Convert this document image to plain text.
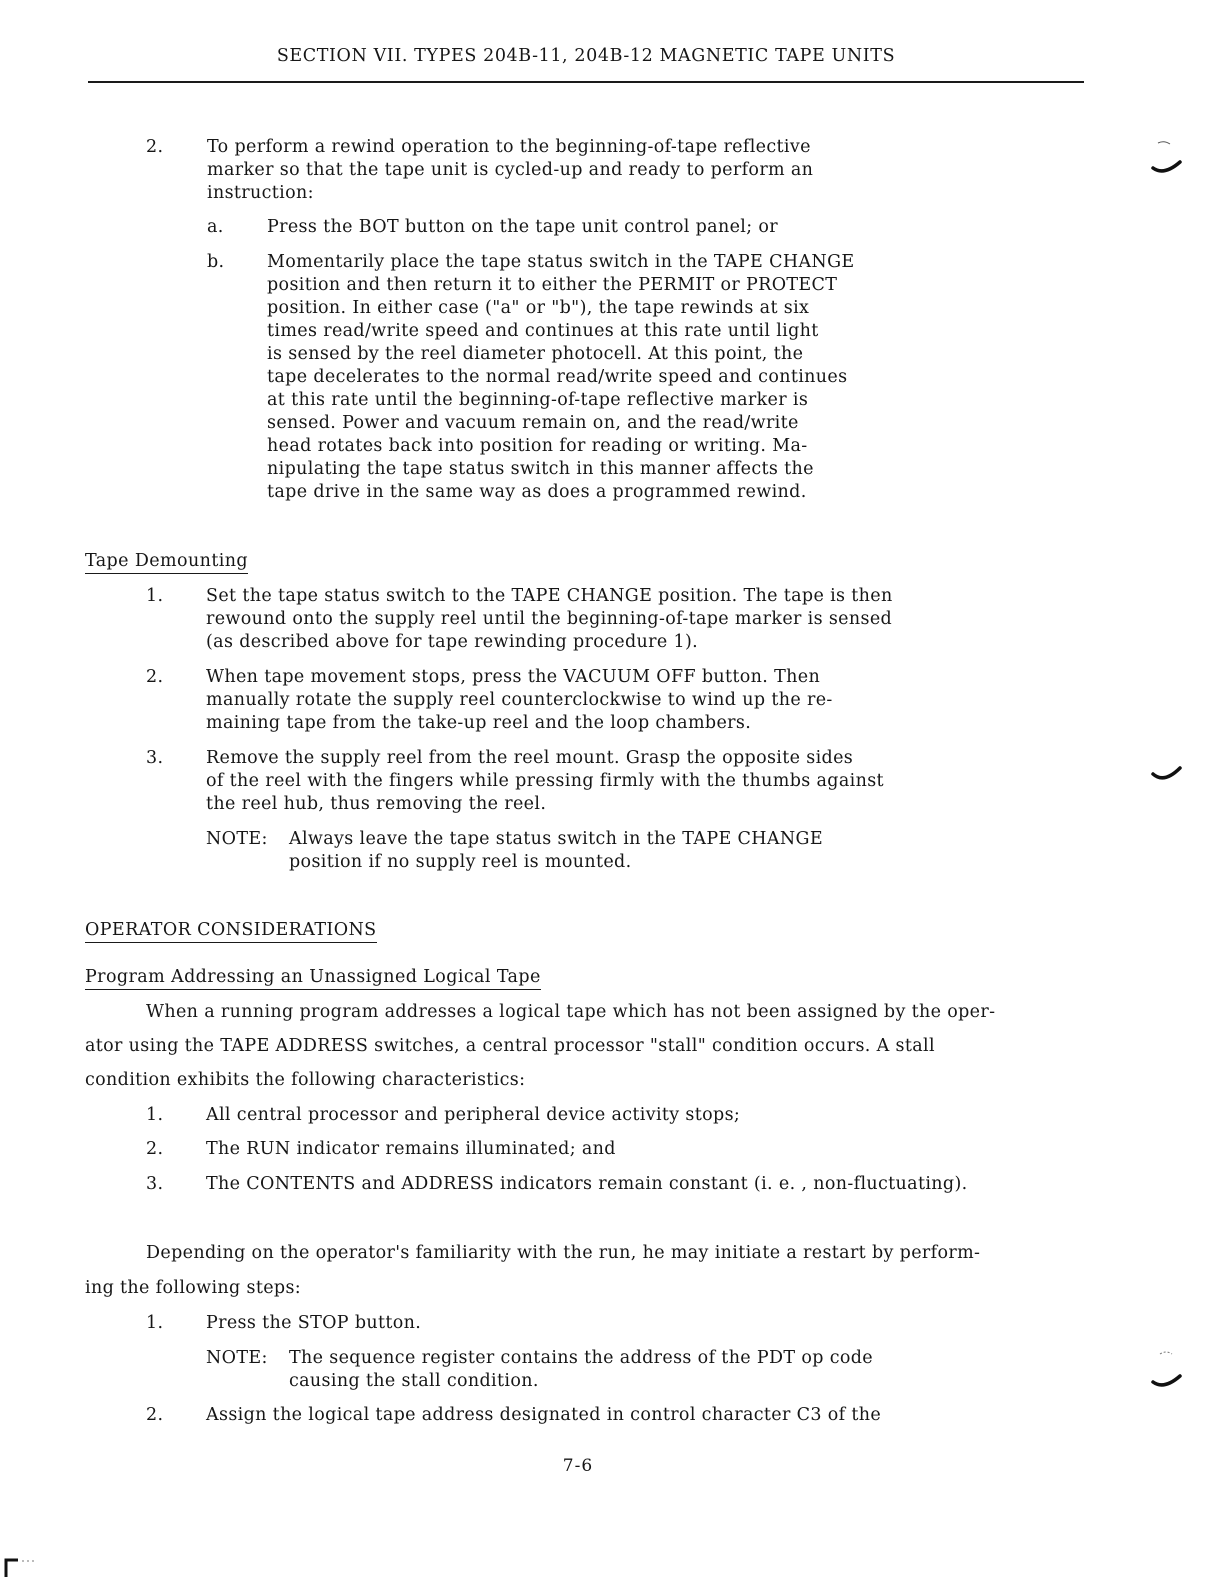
SECTION VII. TYPES 204B-11, 204B-12 MAGNETIC TAPE UNITS
2. To perform a rewind operation to the beginning-of-tape reflective
marker so that the tape unit is cycled-up and ready to perform an
instruction:
a. Press the BOT button on the tape unit control panel; or
b. Momentarily place the tape status switch in the TAPE CHANGE
position and then return it to either the PERMIT or PROTECT
position. In either case ("a" or "b"), the tape rewinds at six
times read/write speed and continues at this rate until light
is sensed by the reel diameter photocell. At this point, the
tape decelerates to the normal read/write speed and continues
at this rate until the beginning-of-tape reflective marker is
sensed. Power and vacuum remain on, and the read/write
head rotates back into position for reading or writing. Ma-
nipulating the tape status switch in this manner affects the
tape drive in the same way as does a programmed rewind.
Tape Demounting
1. Set the tape status switch to the TAPE CHANGE position. The tape is then
rewound onto the supply reel until the beginning-of-tape marker is sensed
(as described above for tape rewinding procedure 1).
2. When tape movement stops, press the VACUUM OFF button. Then
manually rotate the supply reel counterclockwise to wind up the re-
maining tape from the take-up reel and the loop chambers.
3. Remove the supply reel from the reel mount. Grasp the opposite sides
of the reel with the fingers while pressing firmly with the thumbs against
the reel hub, thus removing the reel.
NOTE: Always leave the tape status switch in the TAPE CHANGE
position if no supply reel is mounted.
OPERATOR CONSIDERATIONS
Program Addressing an Unassigned Logical Tape
When a running program addresses a logical tape which has not been assigned by the oper-
ator using the TAPE ADDRESS switches, a central processor "stall" condition occurs. A stall
condition exhibits the following characteristics:
1. All central processor and peripheral device activity stops;
2. The RUN indicator remains illuminated; and
3. The CONTENTS and ADDRESS indicators remain constant (i. e. , non-fluctuating).
Depending on the operator's familiarity with the run, he may initiate a restart by perform-
ing the following steps:
1. Press the STOP button.
NOTE: The sequence register contains the address of the PDT op code
causing the stall condition.
2. Assign the logical tape address designated in control character C3 of the
7-6
